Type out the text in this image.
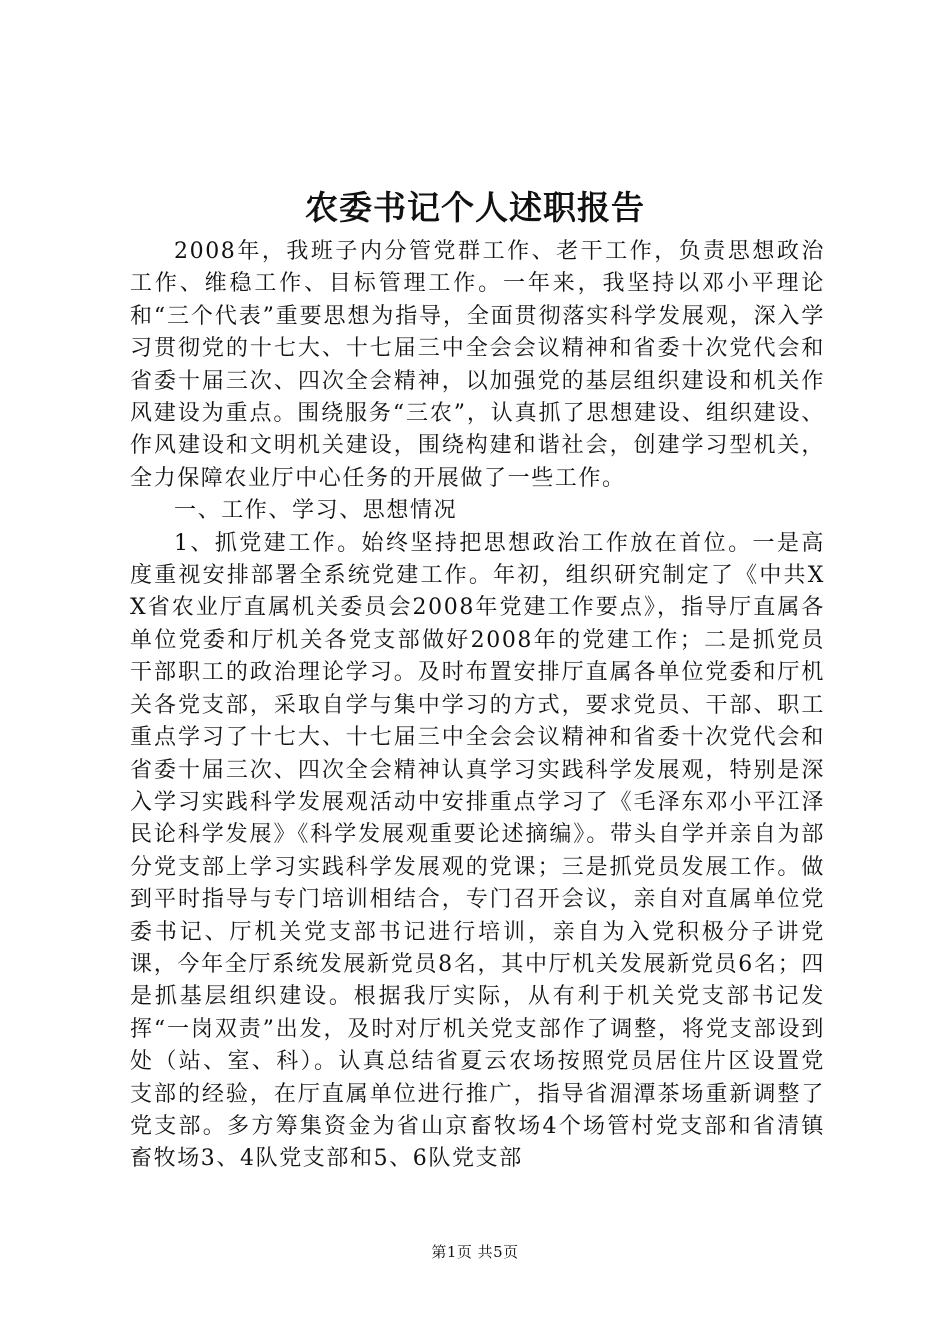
农委书记个人述职报告

2008年，我班子内分管党群工作、老干工作，负责思想政治工作、维稳工作、目标管理工作。一年来，我坚持以邓小平理论和“三个代表”重要思想为指导，全面贯彻落实科学发展观，深入学习贯彻党的十七大、十七届三中全会会议精神和省委十次党代会和省委十届三次、四次全会精神，以加强党的基层组织建设和机关作风建设为重点。围绕服务“三农”，认真抓了思想建设、组织建设、作风建设和文明机关建设，围绕构建和谐社会，创建学习型机关，全力保障农业厅中心任务的开展做了一些工作。

一、工作、学习、思想情况

1、抓党建工作。始终坚持把思想政治工作放在首位。一是高度重视安排部署全系统党建工作。年初，组织研究制定了《中共XX省农业厅直属机关委员会2008年党建工作要点》，指导厅直属各单位党委和厅机关各党支部做好2008年的党建工作；二是抓党员干部职工的政治理论学习。及时布置安排厅直属各单位党委和厅机关各党支部，采取自学与集中学习的方式，要求党员、干部、职工重点学习了十七大、十七届三中全会会议精神和省委十次党代会和省委十届三次、四次全会精神认真学习实践科学发展观，特别是深入学习实践科学发展观活动中安排重点学习了《毛泽东邓小平江泽民论科学发展》《科学发展观重要论述摘编》。带头自学并亲自为部分党支部上学习实践科学发展观的党课；三是抓党员发展工作。做到平时指导与专门培训相结合，专门召开会议，亲自对直属单位党委书记、厅机关党支部书记进行培训，亲自为入党积极分子讲党课，今年全厅系统发展新党员8名，其中厅机关发展新党员6名；四是抓基层组织建设。根据我厅实际，从有利于机关党支部书记发挥“一岗双责”出发，及时对厅机关党支部作了调整，将党支部设到处（站、室、科）。认真总结省夏云农场按照党员居住片区设置党支部的经验，在厅直属单位进行推广，指导省湄潭茶场重新调整了党支部。多方筹集资金为省山京畜牧场4个场管村党支部和省清镇畜牧场3、4队党支部和5、6队党支部

第1页 共5页
